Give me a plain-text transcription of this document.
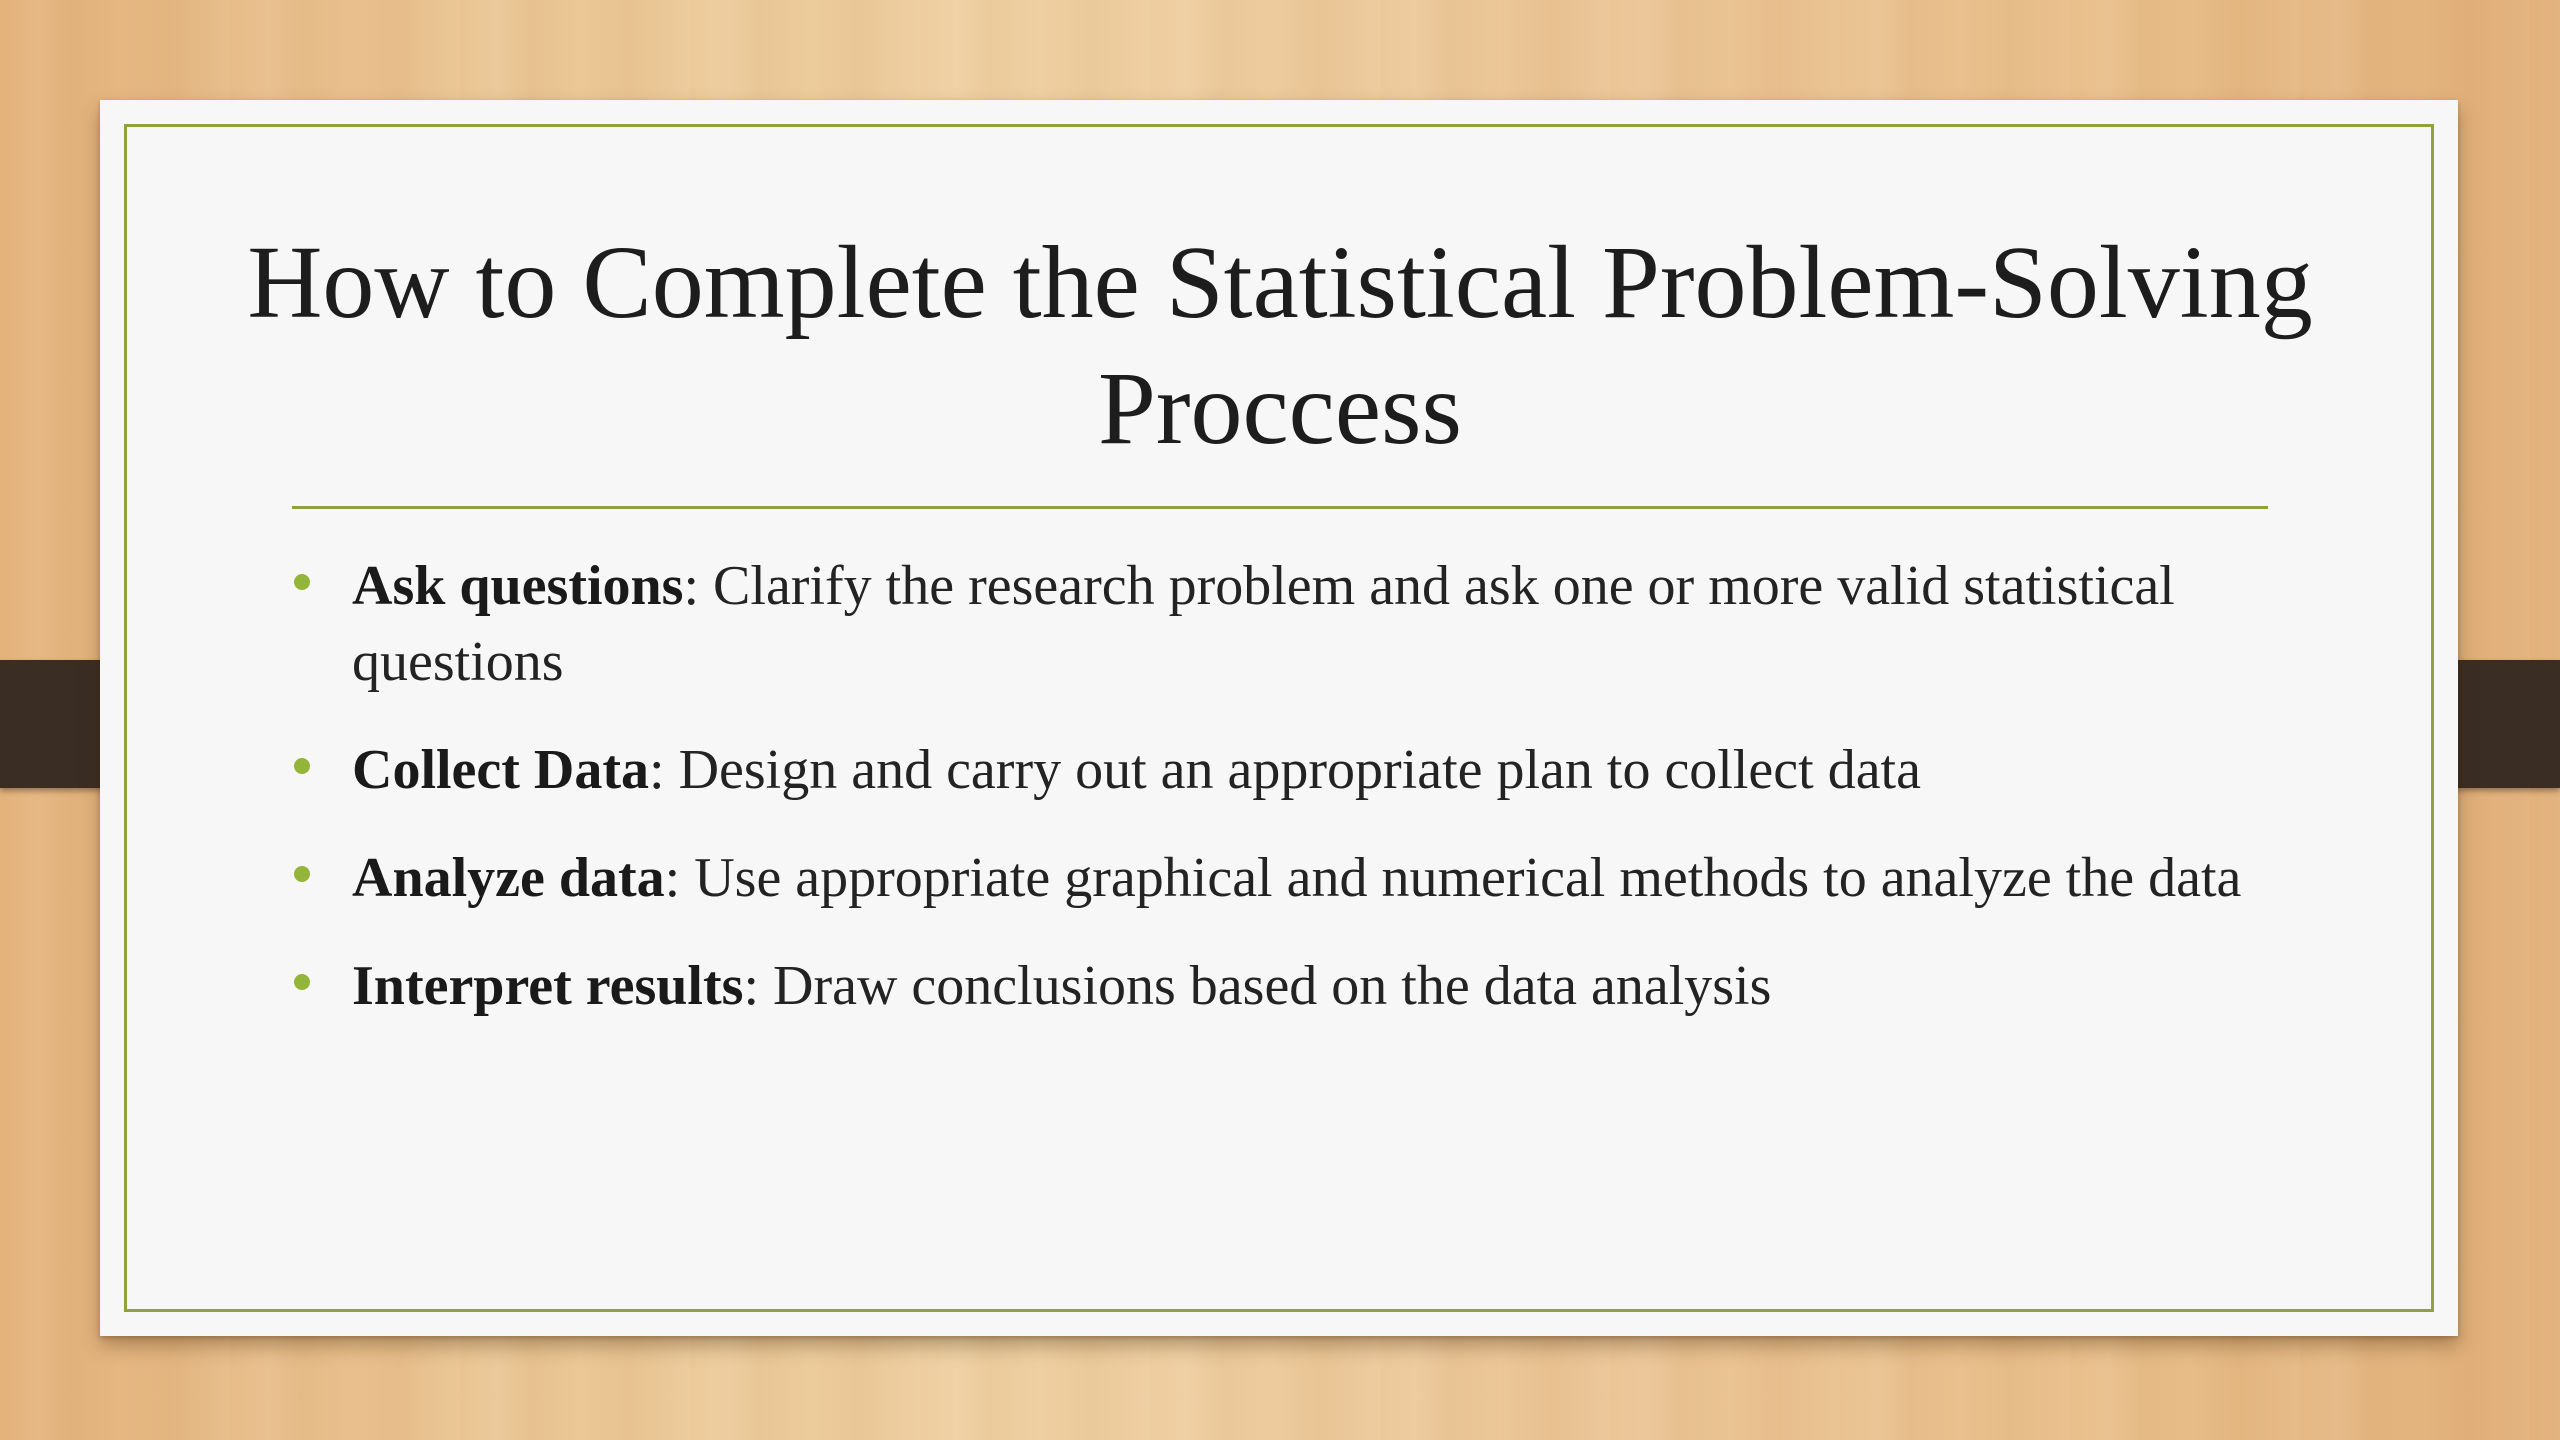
How to Complete the Statistical Problem-Solving Proccess
Ask questions: Clarify the research problem and ask one or more valid statistical questions
Collect Data: Design and carry out an appropriate plan to collect data
Analyze data: Use appropriate graphical and numerical methods to analyze the data
Interpret results: Draw conclusions based on the data analysis
